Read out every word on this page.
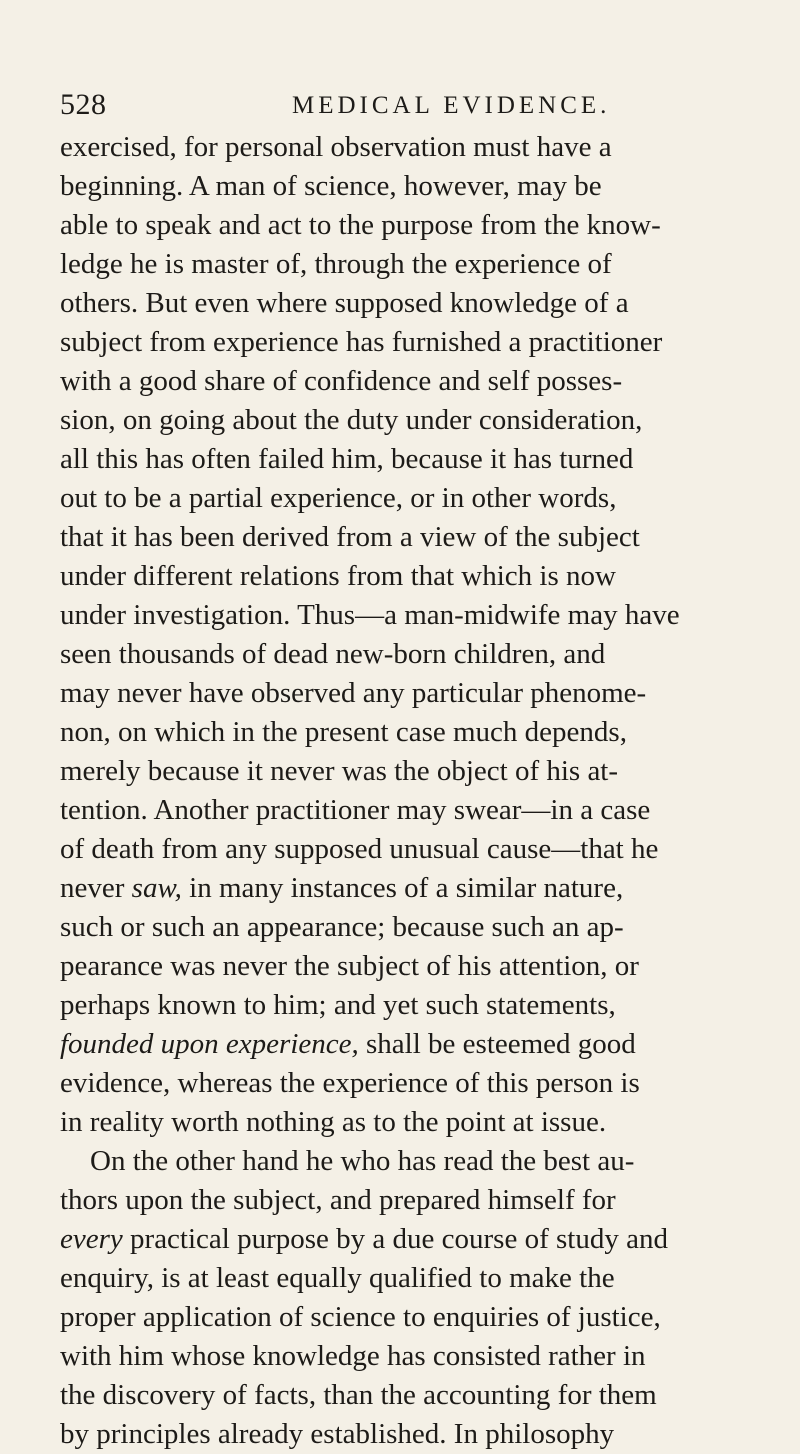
528	MEDICAL EVIDENCE.
exercised, for personal observation must have a
beginning. A man of science, however, may be
able to speak and act to the purpose from the know-
ledge he is master of, through the experience of
others. But even where supposed knowledge of a
subject from experience has furnished a practitioner
with a good share of confidence and self posses-
sion, on going about the duty under consideration,
all this has often failed him, because it has turned
out to be a partial experience, or in other words,
that it has been derived from a view of the subject
under different relations from that which is now
under investigation. Thus—a man-midwife may have
seen thousands of dead new-born children, and
may never have observed any particular phenome-
non, on which in the present case much depends,
merely because it never was the object of his at-
tention. Another practitioner may swear—in a case
of death from any supposed unusual cause—that he
never saw, in many instances of a similar nature,
such or such an appearance; because such an ap-
pearance was never the subject of his attention, or
perhaps known to him; and yet such statements,
founded upon experience, shall be esteemed good
evidence, whereas the experience of this person is
in reality worth nothing as to the point at issue.
On the other hand he who has read the best au-
thors upon the subject, and prepared himself for
every practical purpose by a due course of study and
enquiry, is at least equally qualified to make the
proper application of science to enquiries of justice,
with him whose knowledge has consisted rather in
the discovery of facts, than the accounting for them
by principles already established. In philosophy
